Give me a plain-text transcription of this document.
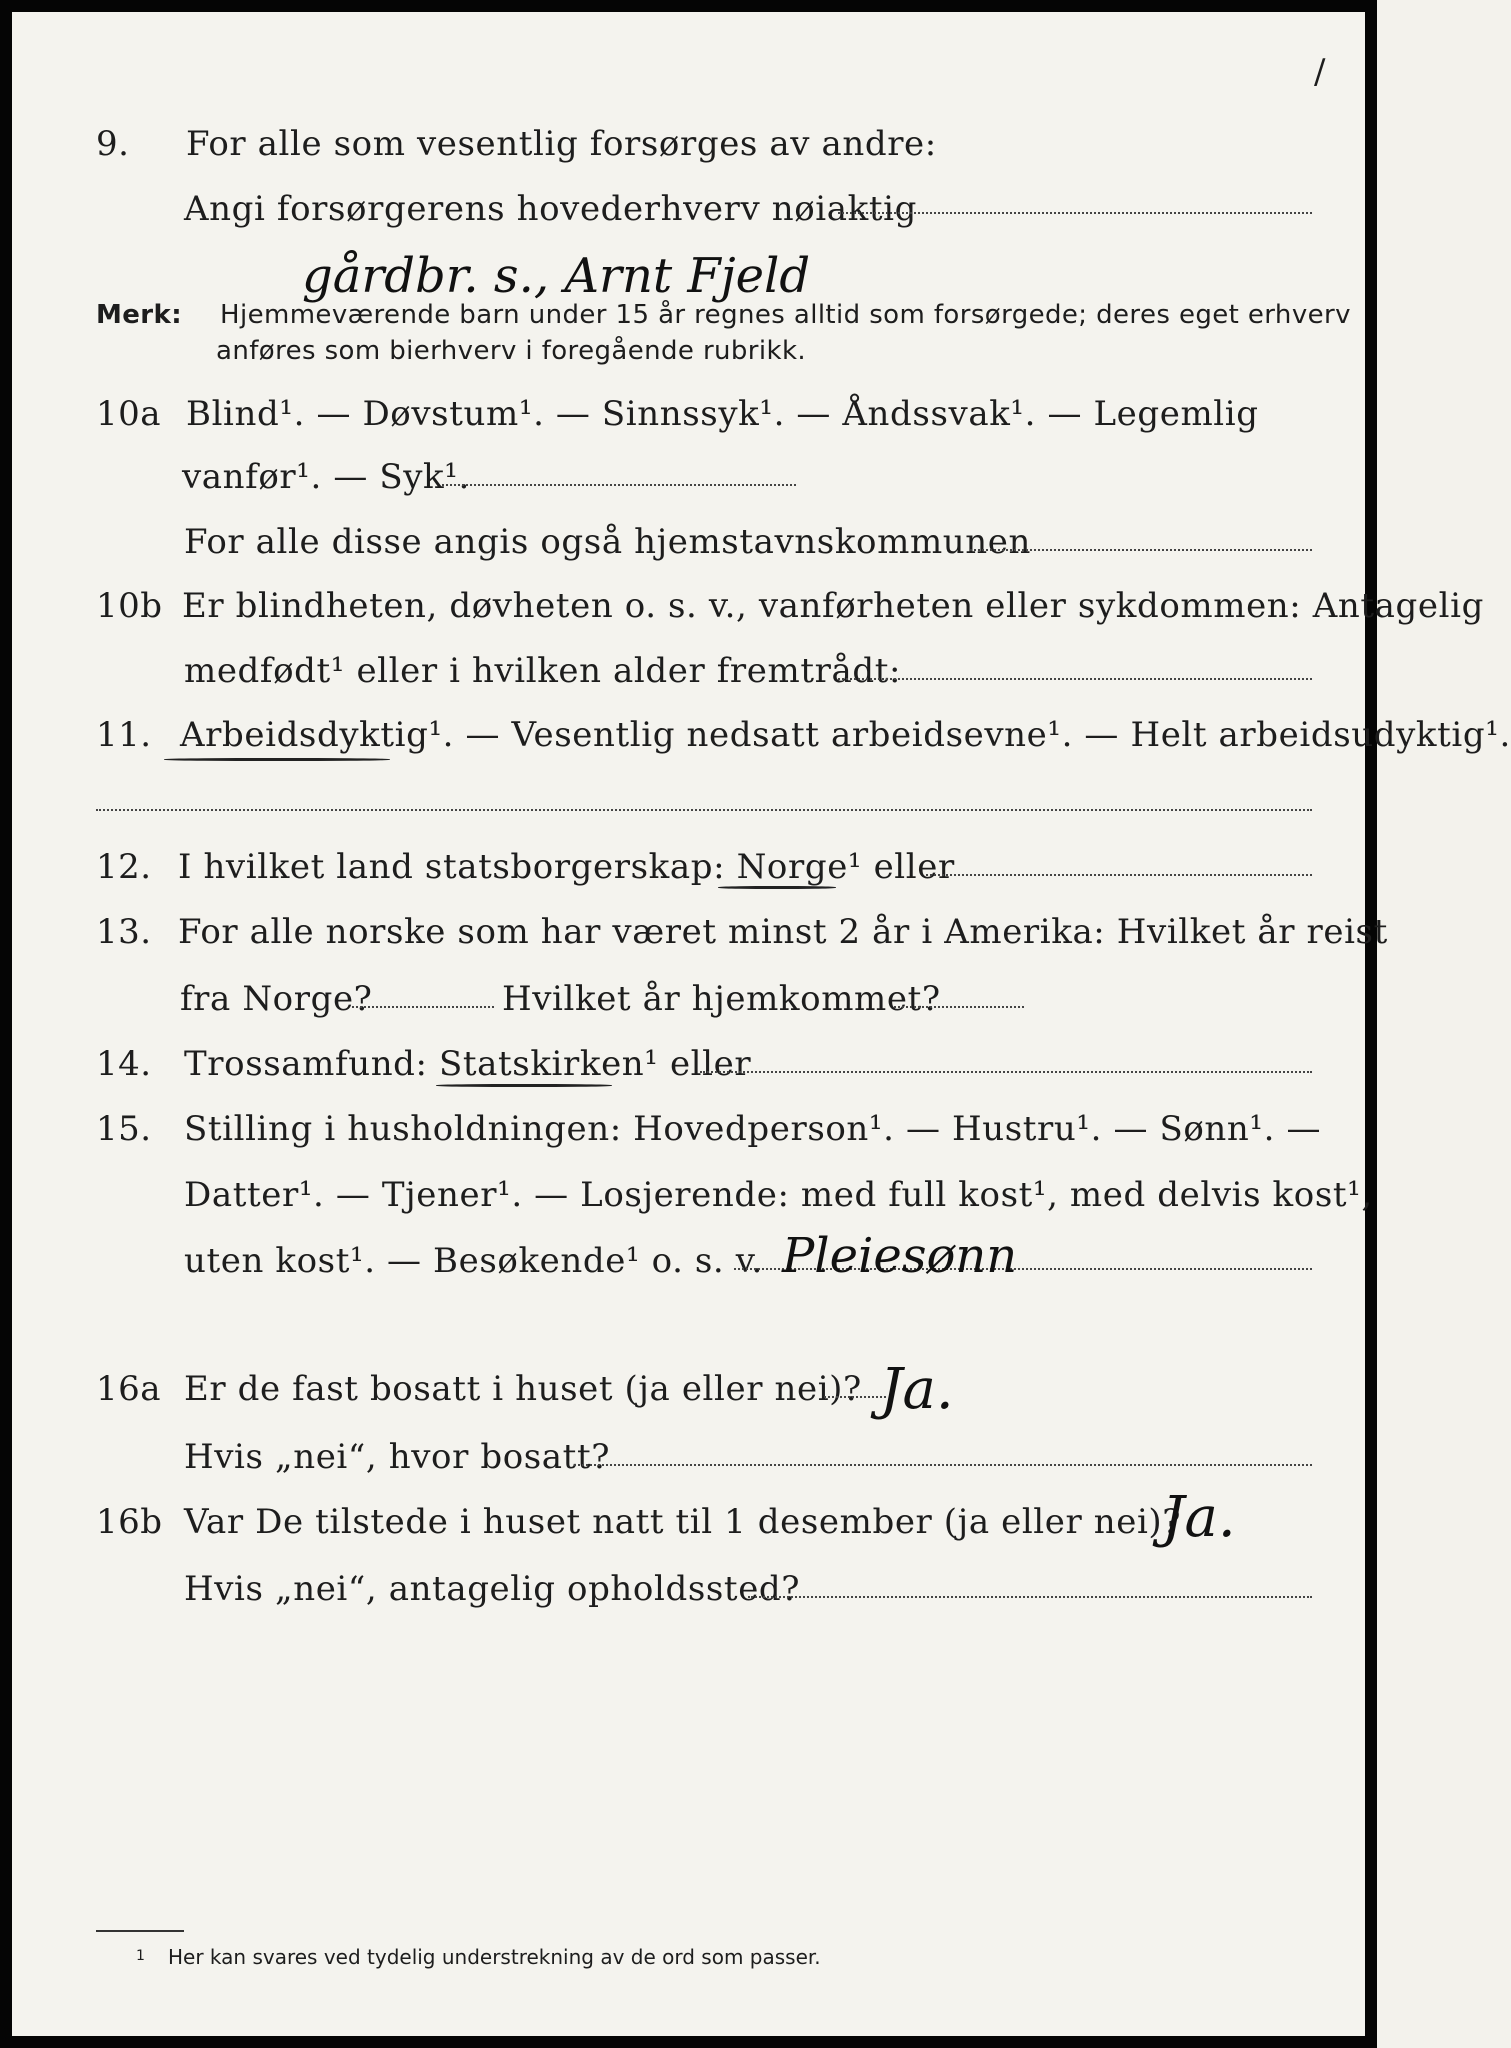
/
9. For alle som vesentlig forsørges av andre:
Angi forsørgerens hovederhverv nøiaktig
gårdbr. s., Arnt Fjeld
Merk: Hjemmeværende barn under 15 år regnes alltid som forsørgede; deres eget erhverv
anføres som bierhverv i foregående rubrikk.
10a Blind¹. — Døvstum¹. — Sinnssyk¹. — Åndssvak¹. — Legemlig
vanfør¹. — Syk¹.
For alle disse angis også hjemstavnskommunen
10b Er blindheten, døvheten o. s. v., vanførheten eller sykdommen: Antagelig
medfødt¹ eller i hvilken alder fremtrådt:
11. Arbeidsdyktig¹. — Vesentlig nedsatt arbeidsevne¹. — Helt arbeidsudyktig¹.
12. I hvilket land statsborgerskap: Norge¹ eller
13. For alle norske som har været minst 2 år i Amerika: Hvilket år reist
fra Norge?	Hvilket år hjemkommet?
14. Trossamfund: Statskirken¹ eller
15. Stilling i husholdningen: Hovedperson¹. — Hustru¹. — Sønn¹. —
Datter¹. — Tjener¹. — Losjerende: med full kost¹, med delvis kost¹,
uten kost¹. — Besøkende¹ o. s. v. Pleiesønn
16a Er de fast bosatt i huset (ja eller nei)? Ja.
Hvis „nei“, hvor bosatt?
16b Var De tilstede i huset natt til 1 desember (ja eller nei)?
Ja.
Hvis „nei“, antagelig opholdssted?
1 Her kan svares ved tydelig understrekning av de ord som passer.
